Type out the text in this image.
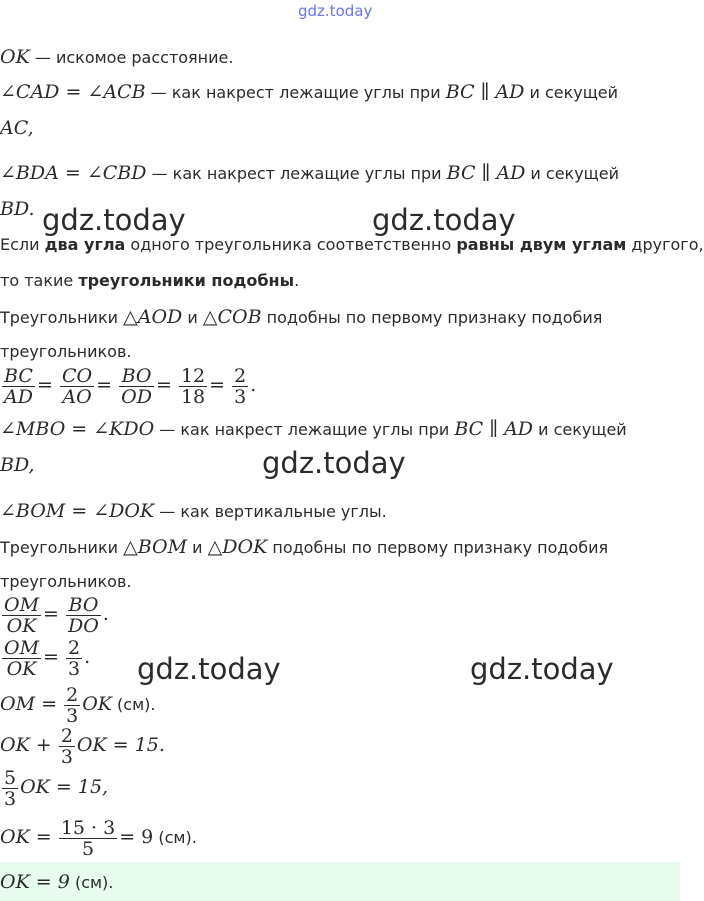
gdz.today
gdz.today	gdz.today
gdz.today
gdz.today	gdz.today
OK — искомое расстояние.
∠CAD = ∠ACB — как накрест лежащие углы при BC ∥ AD и секущей
AC,
∠BDA = ∠CBD — как накрест лежащие углы при BC ∥ AD и секущей
BD.
Если два угла одного треугольника соответственно равны двум углам другого,
то такие треугольники подобны.
Треугольники △AOD и △COB подобны по первому признаку подобия
треугольников.
$\frac{BC}{AD} = \frac{CO}{AO} = \frac{BO}{OD} = \frac{12}{18} = \frac{2}{3}$ .
∠MBO = ∠KDO — как накрест лежащие углы при BC ∥ AD и секущей
BD,
∠BOM = ∠DOK — как вертикальные углы.
Треугольники △BOM и △DOK подобны по первому признаку подобия
треугольников.
$\frac{OM}{OK} = \frac{BO}{DO}$ .
$\frac{OM}{OK} = \frac{2}{3}$ .
OM = $\frac{2}{3}$ OK (см).
OK + $\frac{2}{3}$ OK = 15.
$\frac{5}{3}$ OK = 15,
OK = $\frac{15 \cdot 3}{5} = 9$ (см).
OK = 9 (см).
